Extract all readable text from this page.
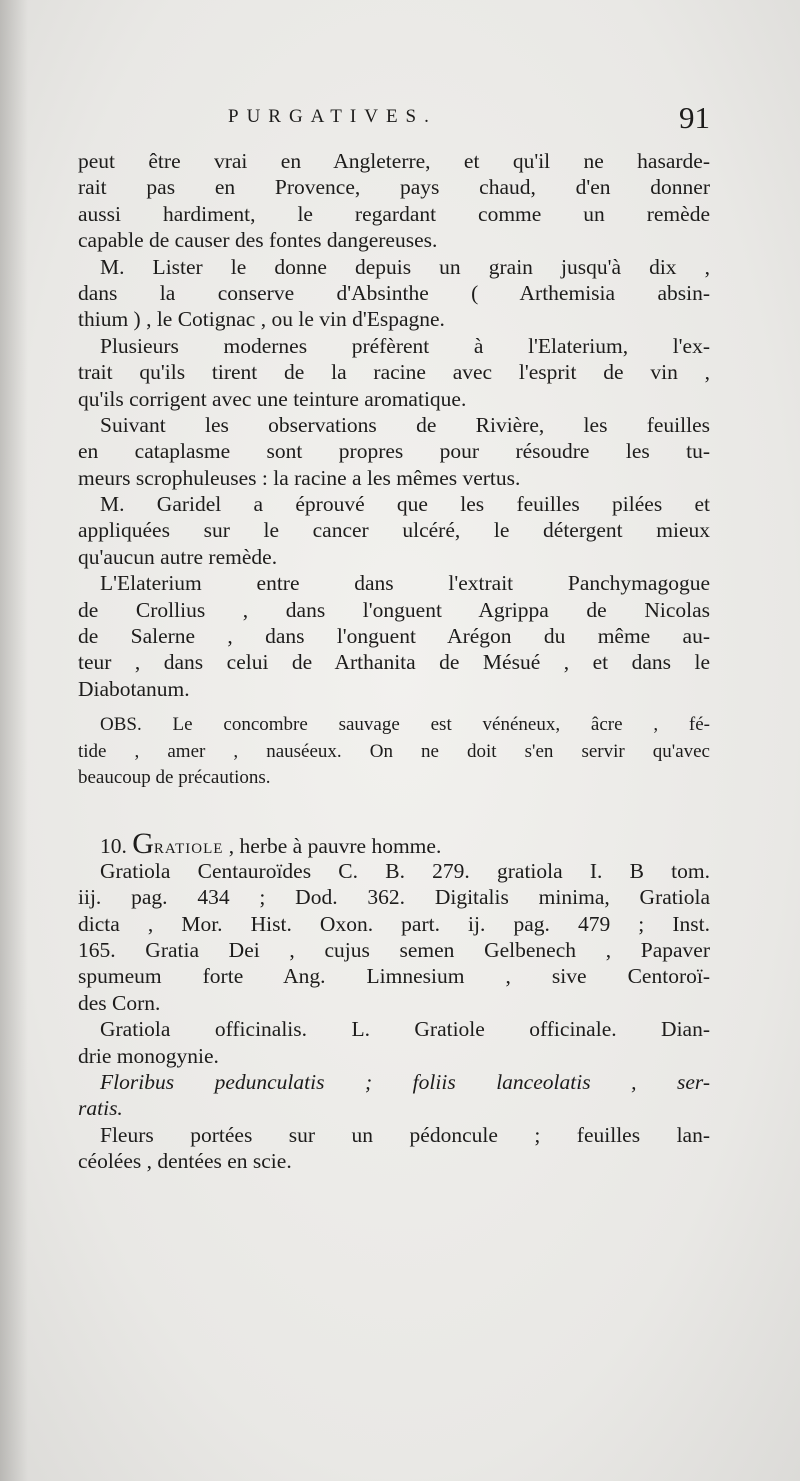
PURGATIVES.	91
peut être vrai en Angleterre, et qu'il ne hasarde-
rait pas en Provence, pays chaud, d'en donner
aussi hardiment, le regardant comme un remède
capable de causer des fontes dangereuses.
M. Lister le donne depuis un grain jusqu'à dix ,
dans la conserve d'Absinthe ( Arthemisia absin-
thium ) , le Cotignac , ou le vin d'Espagne.
Plusieurs modernes préfèrent à l'Elaterium, l'ex-
trait qu'ils tirent de la racine avec l'esprit de vin ,
qu'ils corrigent avec une teinture aromatique.
Suivant les observations de Rivière, les feuilles
en cataplasme sont propres pour résoudre les tu-
meurs scrophuleuses : la racine a les mêmes vertus.
M. Garidel a éprouvé que les feuilles pilées et
appliquées sur le cancer ulcéré, le détergent mieux
qu'aucun autre remède.
L'Elaterium entre dans l'extrait Panchymagogue
de Crollius , dans l'onguent Agrippa de Nicolas
de Salerne , dans l'onguent Arégon du même au-
teur , dans celui de Arthanita de Mésué , et dans le
Diabotanum.
OBS. Le concombre sauvage est vénéneux, âcre , fé-
tide , amer , nauséeux. On ne doit s'en servir qu'avec
beaucoup de précautions.
10. GRATIOLE , herbe à pauvre homme.
Gratiola Centauroïdes C. B. 279. gratiola I. B tom.
iij. pag. 434 ; Dod. 362. Digitalis minima, Gratiola
dicta , Mor. Hist. Oxon. part. ij. pag. 479 ; Inst.
165. Gratia Dei , cujus semen Gelbenech , Papaver
spumeum forte Ang. Limnesium , sive Centoroï-
des Corn.
Gratiola officinalis. L. Gratiole officinale. Dian-
drie monogynie.
Floribus pedunculatis ; foliis lanceolatis , ser-
ratis.
Fleurs portées sur un pédoncule ; feuilles lan-
céolées , dentées en scie.
